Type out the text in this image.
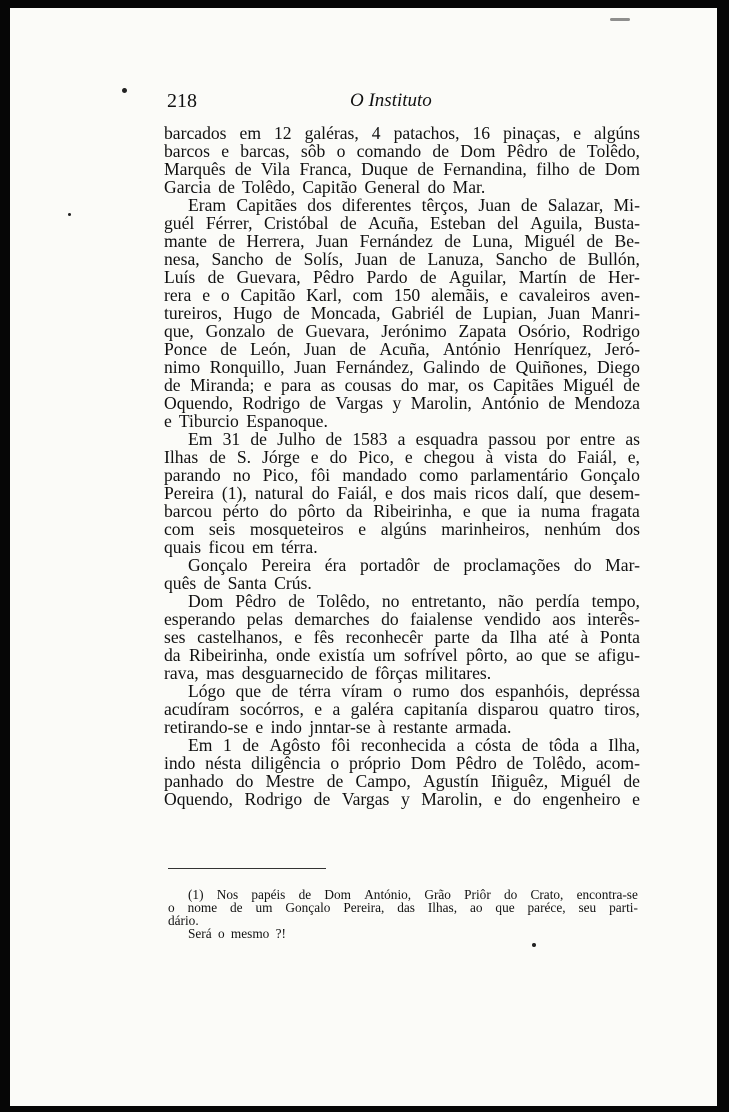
218	O Instituto
barcados em 12 galéras, 4 patachos, 16 pinaças, e algúns
barcos e barcas, sôb o comando de Dom Pêdro de Tolêdo,
Marquês de Vila Franca, Duque de Fernandina, filho de Dom
Garcia de Tolêdo, Capitão General do Mar.
Eram Capitães dos diferentes têrços, Juan de Salazar, Mi-
guél Férrer, Cristóbal de Acuña, Esteban del Aguila, Busta-
mante de Herrera, Juan Fernández de Luna, Miguél de Be-
nesa, Sancho de Solís, Juan de Lanuza, Sancho de Bullón,
Luís de Guevara, Pêdro Pardo de Aguilar, Martín de Her-
rera e o Capitão Karl, com 150 alemãis, e cavaleiros aven-
tureiros, Hugo de Moncada, Gabriél de Lupian, Juan Manri-
que, Gonzalo de Guevara, Jerónimo Zapata Osório, Rodrigo
Ponce de León, Juan de Acuña, António Henríquez, Jeró-
nimo Ronquillo, Juan Fernández, Galindo de Quiñones, Diego
de Miranda; e para as cousas do mar, os Capitães Miguél de
Oquendo, Rodrigo de Vargas y Marolin, António de Mendoza
e Tiburcio Espanoque.
Em 31 de Julho de 1583 a esquadra passou por entre as
Ilhas de S. Jórge e do Pico, e chegou à vista do Faiál, e,
parando no Pico, fôi mandado como parlamentário Gonçalo
Pereira (1), natural do Faiál, e dos mais ricos dalí, que desem-
barcou pérto do pôrto da Ribeirinha, e que ia numa fragata
com seis mosqueteiros e algúns marinheiros, nenhúm dos
quais ficou em térra.
Gonçalo Pereira éra portadôr de proclamações do Mar-
quês de Santa Crús.
Dom Pêdro de Tolêdo, no entretanto, não perdía tempo,
esperando pelas demarches do faialense vendido aos interês-
ses castelhanos, e fês reconhecêr parte da Ilha até à Ponta
da Ribeirinha, onde existía um sofrível pôrto, ao que se afigu-
rava, mas desguarnecido de fôrças militares.
Lógo que de térra víram o rumo dos espanhóis, depréssa
acudíram socórros, e a galéra capitanía disparou quatro tiros,
retirando-se e indo jnntar-se à restante armada.
Em 1 de Agôsto fôi reconhecida a cósta de tôda a Ilha,
indo nésta diligência o próprio Dom Pêdro de Tolêdo, acom-
panhado do Mestre de Campo, Agustín Iñiguêz, Miguél de
Oquendo, Rodrigo de Vargas y Marolin, e do engenheiro e
(1) Nos papéis de Dom António, Grão Priôr do Crato, encontra-se
o nome de um Gonçalo Pereira, das Ilhas, ao que paréce, seu parti-
dário.
Será o mesmo ?!
